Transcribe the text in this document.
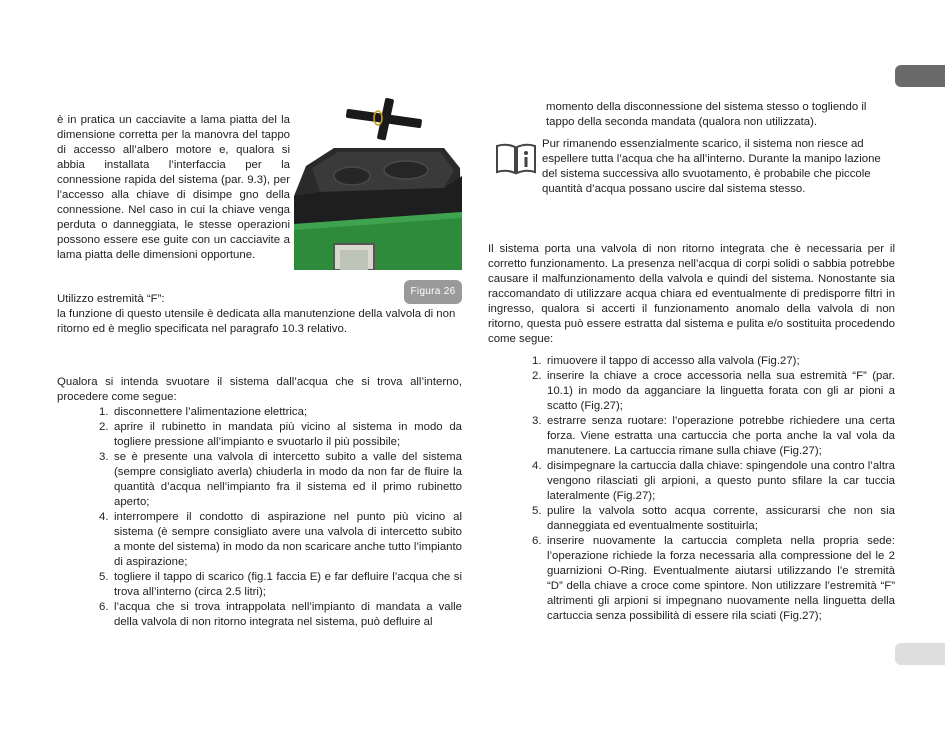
è in pratica un cacciavite a lama piatta del la dimensione corretta per la manovra del tappo di accesso all’albero motore e, qualora si abbia installata l’interfaccia per la connessione rapida del sistema (par. 9.3), per l’accesso alla chiave di disimpe gno della connessione. Nel caso in cui la chiave venga perduta o danneggiata, le stesse operazioni possono essere ese guite con un cacciavite a lama piatta delle dimensioni opportune.
Figura 26
Utilizzo estremità “F”:
la funzione di questo utensile è dedicata alla manutenzione della valvola di non ritorno ed è meglio specificata nel paragrafo 10.3 relativo.
Qualora si intenda svuotare il sistema dall’acqua che si trova all’interno, procedere come segue:
1. disconnettere l’alimentazione elettrica;
2. aprire il rubinetto in mandata più vicino al sistema in modo da togliere pressione all’impianto e svuotarlo il più possibile;
3. se è presente una valvola di intercetto subito a valle del sistema (sempre consigliato averla) chiuderla in modo da non far de fluire la quantità d’acqua nell’impianto fra il sistema ed il primo rubinetto aperto;
4. interrompere il condotto di aspirazione nel punto più vicino al sistema (è sempre consigliato avere una valvola di intercetto subito a monte del sistema) in modo da non scaricare anche tutto l’impianto di aspirazione;
5. togliere il tappo di scarico (fig.1 faccia E) e far defluire l’acqua che si trova all’interno (circa 2.5 litri);
6. l’acqua che si trova intrappolata nell’impianto di mandata a valle della valvola di non ritorno integrata nel sistema, può defluire al
momento della disconnessione del sistema stesso o togliendo il tappo della seconda mandata (qualora non utilizzata).
Pur rimanendo essenzialmente scarico, il sistema non riesce ad espellere tutta l’acqua che ha all’interno. Durante la manipo lazione del sistema successiva allo svuotamento, è probabile che piccole quantità d’acqua possano uscire dal sistema stesso.
Il sistema porta una valvola di non ritorno integrata che è necessaria per il corretto funzionamento. La presenza nell’acqua di corpi solidi o sabbia potrebbe causare il malfunzionamento della valvola e quindi del sistema. Nonostante sia raccomandato di utilizzare acqua chiara ed eventualmente di predisporre filtri in ingresso, qualora si accerti il funzionamento anomalo della valvola di non ritorno, questa può essere estratta dal sistema e pulita e/o sostituita procedendo come segue:
1. rimuovere il tappo di accesso alla valvola (Fig.27);
2. inserire la chiave a croce accessoria nella sua estremità “F” (par. 10.1) in modo da agganciare la linguetta forata con gli ar pioni a scatto (Fig.27);
3. estrarre senza ruotare: l’operazione potrebbe richiedere una certa forza. Viene estratta una cartuccia che porta anche la val vola da manutenere. La cartuccia rimane sulla chiave (Fig.27);
4. disimpegnare la cartuccia dalla chiave: spingendole una contro l’altra vengono rilasciati gli arpioni, a questo punto sfilare la car tuccia lateralmente (Fig.27);
5. pulire la valvola sotto acqua corrente, assicurarsi che non sia danneggiata ed eventualmente sostituirla;
6. inserire nuovamente la cartuccia completa nella propria sede: l’operazione richiede la forza necessaria alla compressione del le 2 guarnizioni O-Ring. Eventualmente aiutarsi utilizzando l’e stremità “D” della chiave a croce come spintore. Non utilizzare l’estremità “F” altrimenti gli arpioni si impegnano nuovamente nella linguetta della cartuccia senza possibilità di essere rila sciati (Fig.27);
